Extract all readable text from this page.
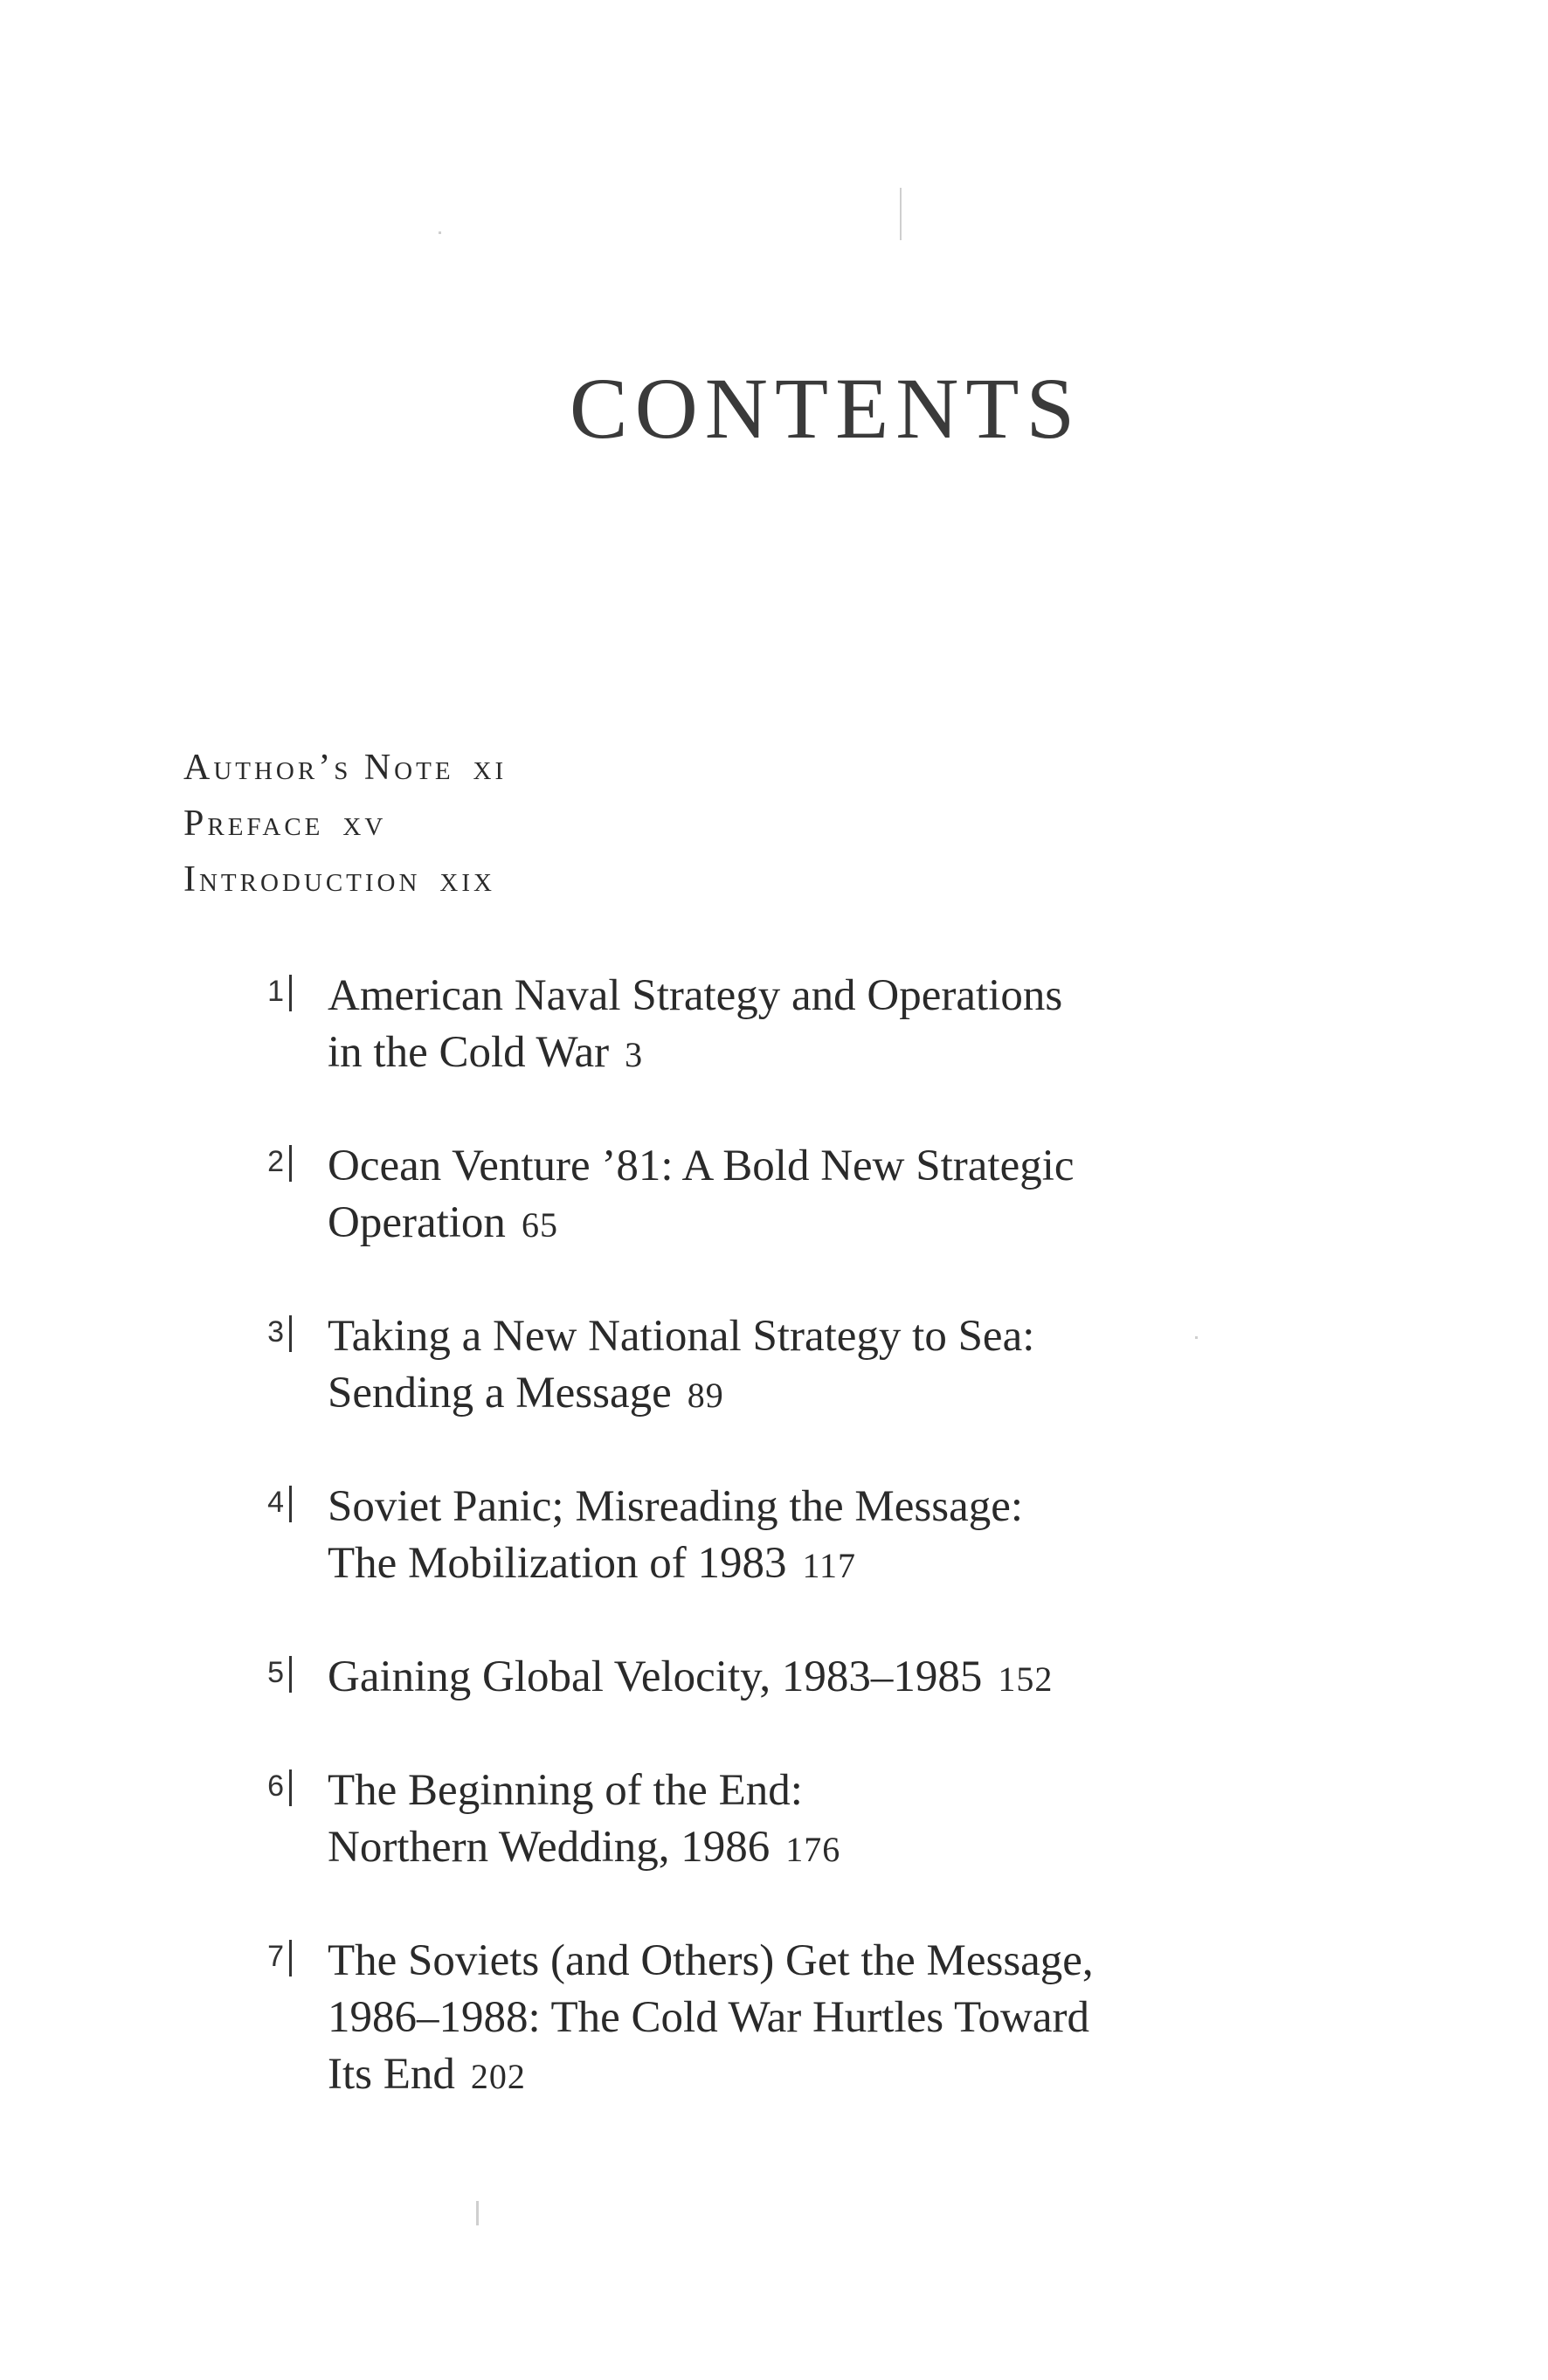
CONTENTS
Author’s Note xi
Preface xv
Introduction xix
1 American Naval Strategy and Operations
in the Cold War 3
2 Ocean Venture ’81: A Bold New Strategic
Operation 65
3 Taking a New National Strategy to Sea:
Sending a Message 89
4 Soviet Panic; Misreading the Message:
The Mobilization of 1983 117
5 Gaining Global Velocity, 1983–1985 152
6 The Beginning of the End:
Northern Wedding, 1986 176
7 The Soviets (and Others) Get the Message,
1986–1988: The Cold War Hurtles Toward
Its End 202
